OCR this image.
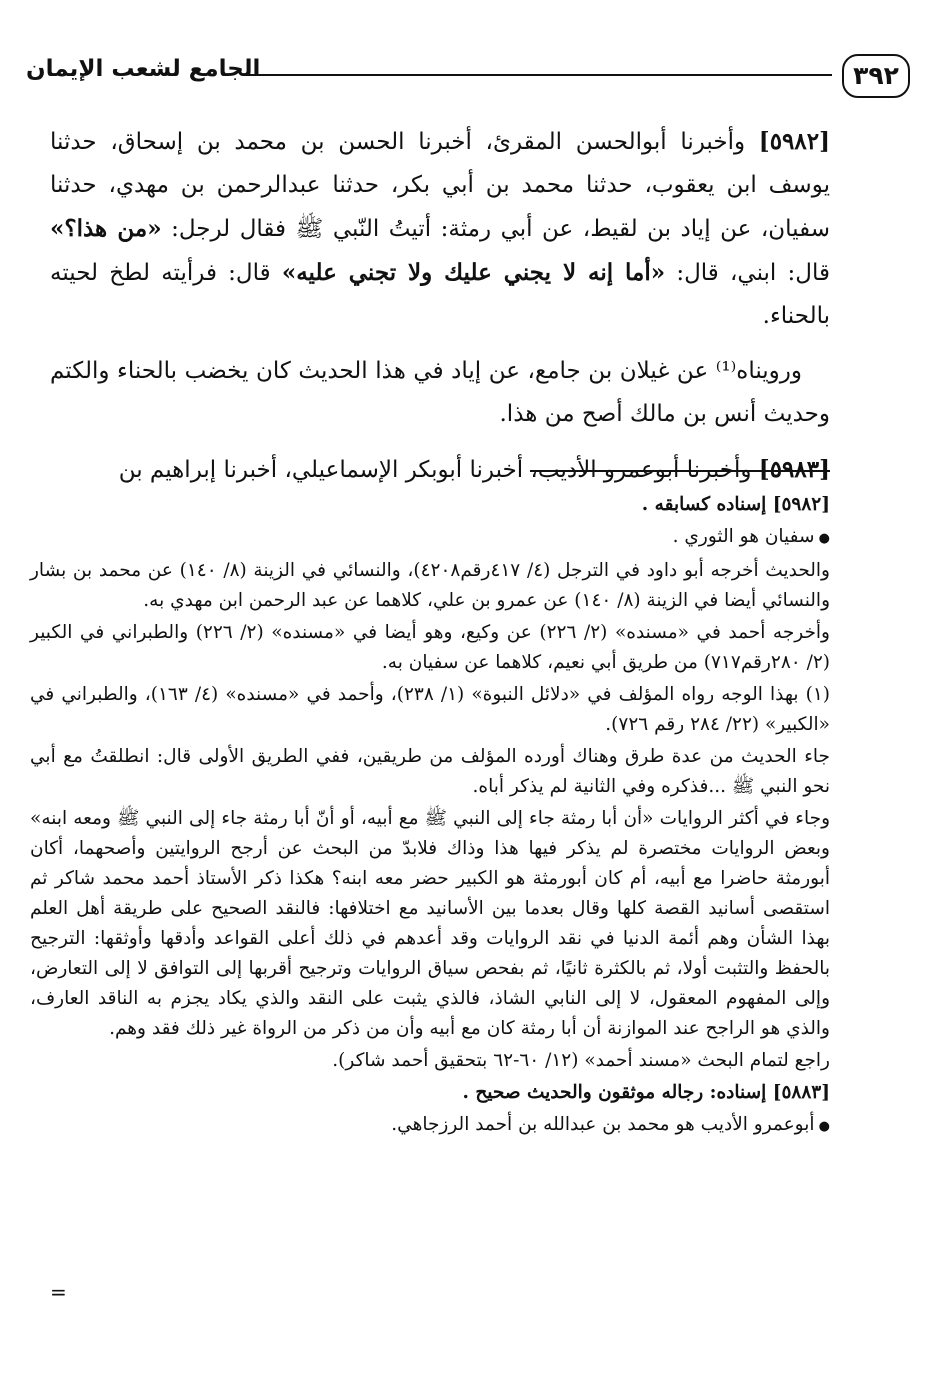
٣٩٢
الجامع لشعب الإيمان

[٥٩٨٢] وأخبرنا أبوالحسن المقرئ، أخبرنا الحسن بن محمد بن إسحاق، حدثنا يوسف ابن يعقوب، حدثنا محمد بن أبي بكر، حدثنا عبدالرحمن بن مهدي، حدثنا سفيان، عن إياد بن لقيط، عن أبي رمثة: أتيتُ النّبي ﷺ فقال لرجل: «من هذا؟» قال: ابني، قال: «أما إنه لا يجني عليك ولا تجني عليه» قال: فرأيته لطخ لحيته بالحناء.

ورويناه⁽¹⁾ عن غيلان بن جامع، عن إياد في هذا الحديث كان يخضب بالحناء والكتم وحديث أنس بن مالك أصح من هذا.

[٥٩٨٣] وأخبرنا أبوعمرو الأديب، أخبرنا أبوبكر الإسماعيلي، أخبرنا إبراهيم بن

[٥٩٨٢] إسناده كسابقه .

● سفيان هو الثوري .

والحديث أخرجه أبو داود في الترجل (٤/ ٤١٧رقم٤٢٠٨)، والنسائي في الزينة (٨/ ١٤٠) عن محمد بن بشار والنسائي أيضا في الزينة (٨/ ١٤٠) عن عمرو بن علي، كلاهما عن عبد الرحمن ابن مهدي به.

وأخرجه أحمد في «مسنده» (٢/ ٢٢٦) عن وكيع، وهو أيضا في «مسنده» (٢/ ٢٢٦) والطبراني في الكبير (٢/ ٢٨٠رقم٧١٧) من طريق أبي نعيم، كلاهما عن سفيان به.

(١) بهذا الوجه رواه المؤلف في «دلائل النبوة» (١/ ٢٣٨)، وأحمد في «مسنده» (٤/ ١٦٣)، والطبراني في «الكبير» (٢٢/ ٢٨٤ رقم ٧٢٦).

جاء الحديث من عدة طرق وهناك أورده المؤلف من طريقين، ففي الطريق الأولى قال: انطلقتُ مع أبي نحو النبي ﷺ ...فذكره وفي الثانية لم يذكر أباه.

وجاء في أكثر الروايات «أن أبا رمثة جاء إلى النبي ﷺ مع أبيه، أو أنّ أبا رمثة جاء إلى النبي ﷺ ومعه ابنه» وبعض الروايات مختصرة لم يذكر فيها هذا وذاك فلابدّ من البحث عن أرجح الروايتين وأصحهما، أكان أبورمثة حاضرا مع أبيه، أم كان أبورمثة هو الكبير حضر معه ابنه؟ هكذا ذكر الأستاذ أحمد محمد شاكر ثم استقصى أسانيد القصة كلها وقال بعدما بين الأسانيد مع اختلافها: فالنقد الصحيح على طريقة أهل العلم بهذا الشأن وهم أئمة الدنيا في نقد الروايات وقد أعدهم في ذلك أعلى القواعد وأدقها وأوثقها: الترجيح بالحفظ والتثبت أولا، ثم بالكثرة ثانيًا، ثم بفحص سياق الروايات وترجيح أقربها إلى التوافق لا إلى التعارض، وإلى المفهوم المعقول، لا إلى النابي الشاذ، فالذي يثبت على النقد والذي يكاد يجزم به الناقد العارف، والذي هو الراجح عند الموازنة أن أبا رمثة كان مع أبيه وأن من ذكر من الرواة غير ذلك فقد وهم.

راجع لتمام البحث «مسند أحمد» (١٢/ ٦٠-٦٢ بتحقيق أحمد شاكر).

[٥٨٨٣] إسناده: رجاله موثقون والحديث صحيح .

● أبوعمرو الأديب هو محمد بن عبدالله بن أحمد الرزجاهي.

=
